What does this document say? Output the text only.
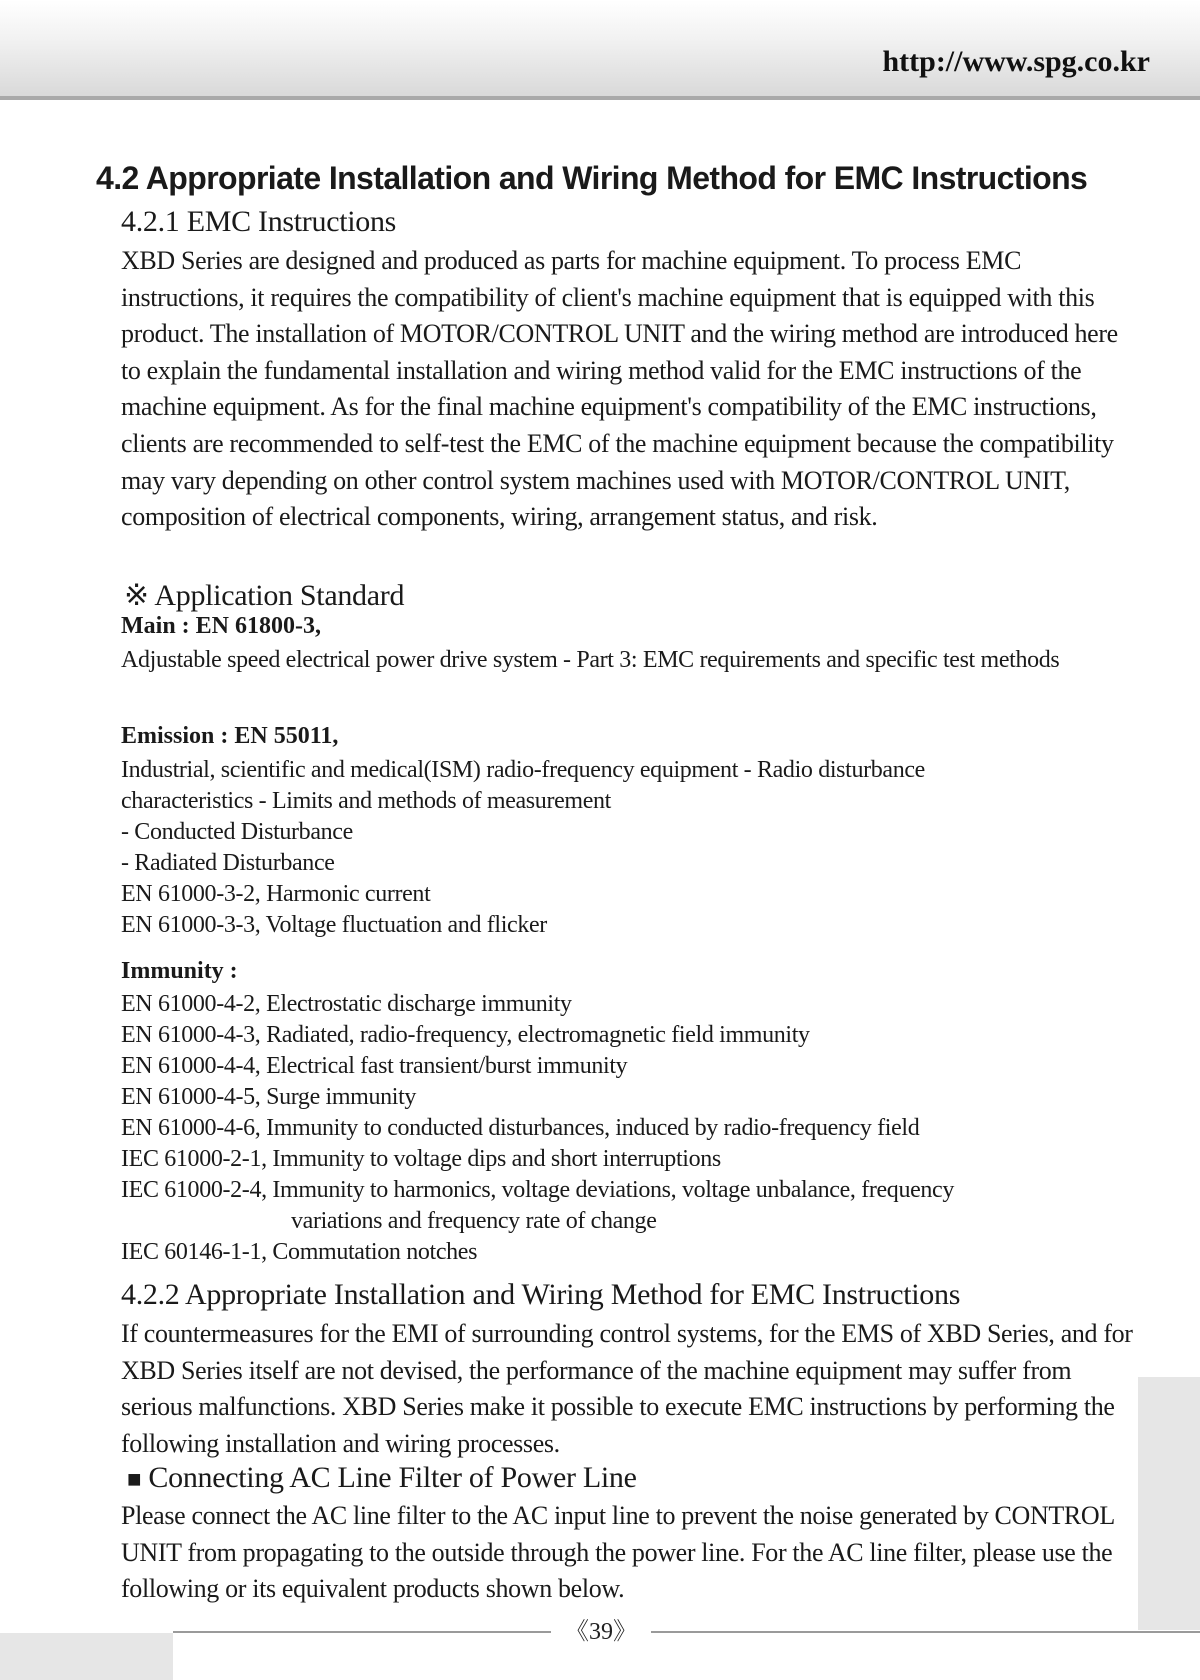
http://www.spg.co.kr
《39》
4.2 Appropriate Installation and Wiring Method for EMC Instructions
4.2.1 EMC Instructions

XBD Series are designed and produced as parts for machine equipment. To process EMC instructions, it requires the compatibility of client's machine equipment that is equipped with this product. The installation of MOTOR/CONTROL UNIT and the wiring method are introduced here to explain the fundamental installation and wiring method valid for the EMC instructions of the machine equipment. As for the final machine equipment's compatibility of the EMC instructions, clients are recommended to self-test the EMC of the machine equipment because the compatibility may vary depending on other control system machines used with MOTOR/CONTROL UNIT, composition of electrical components, wiring, arrangement status, and risk.

※ Application Standard
Main : EN 61800-3,

Adjustable speed electrical power drive system - Part 3: EMC requirements and specific test methods

Emission : EN 55011,
Industrial, scientific and medical(ISM) radio-frequency equipment - Radio disturbance
characteristics - Limits and methods of measurement
- Conducted Disturbance
- Radiated Disturbance
EN 61000-3-2, Harmonic current
EN 61000-3-3, Voltage fluctuation and flicker
Immunity :
EN 61000-4-2, Electrostatic discharge immunity
EN 61000-4-3, Radiated, radio-frequency, electromagnetic field immunity
EN 61000-4-4, Electrical fast transient/burst immunity
EN 61000-4-5, Surge immunity
EN 61000-4-6, Immunity to conducted disturbances, induced by radio-frequency field
IEC 61000-2-1, Immunity to voltage dips and short interruptions
IEC 61000-2-4, Immunity to harmonics, voltage deviations, voltage unbalance, frequency
variations and frequency rate of change
IEC 60146-1-1, Commutation notches
4.2.2 Appropriate Installation and Wiring Method for EMC Instructions

If countermeasures for the EMI of surrounding control systems, for the EMS of XBD Series, and for XBD Series itself are not devised, the performance of the machine equipment may suffer from serious malfunctions. XBD Series make it possible to execute EMC instructions by performing the following installation and wiring processes.

■ Connecting AC Line Filter of Power Line

Please connect the AC line filter to the AC input line to prevent the noise generated by CONTROL UNIT from propagating to the outside through the power line. For the AC line filter, please use the following or its equivalent products shown below.
